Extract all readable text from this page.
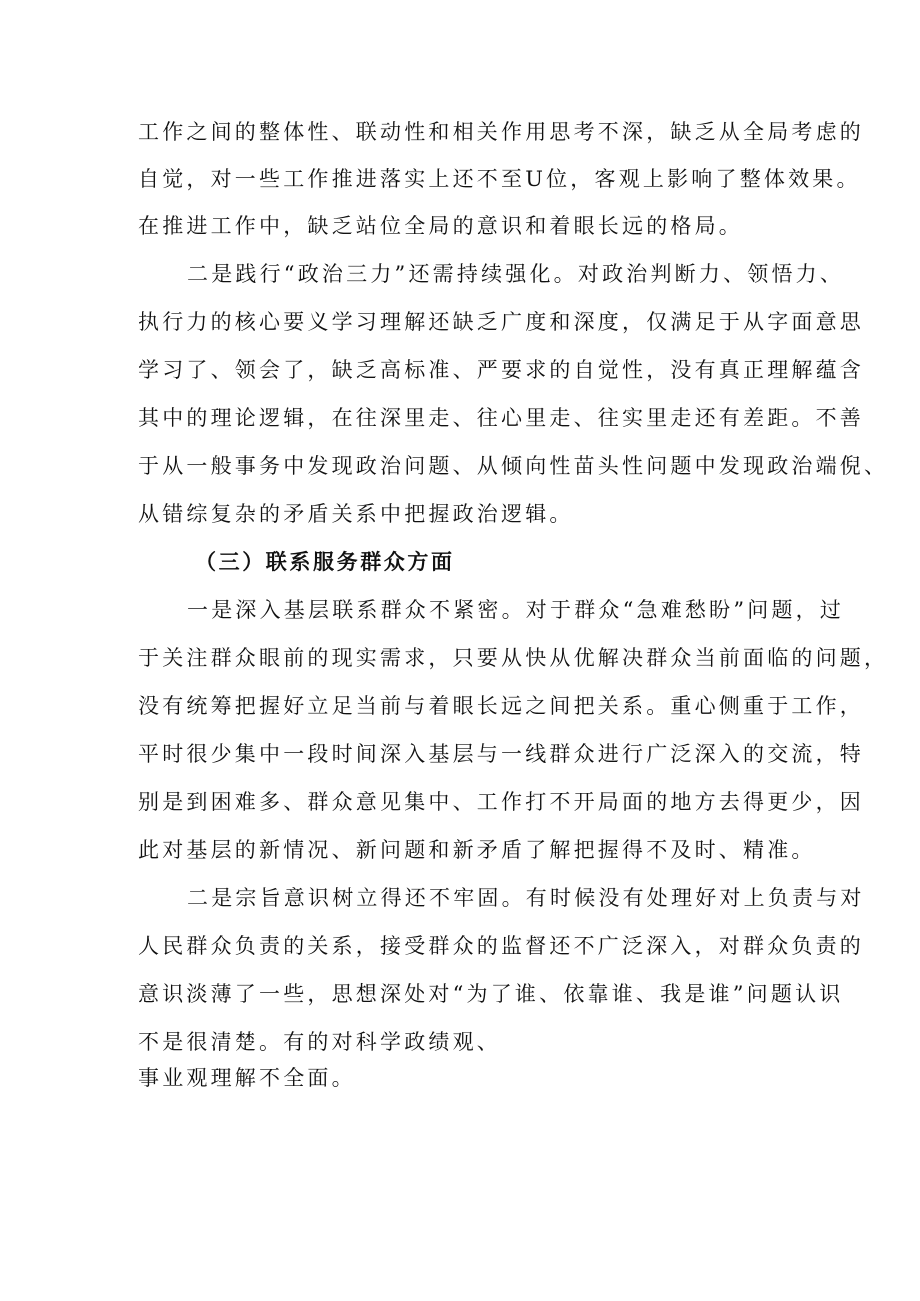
工作之间的整体性、联动性和相关作用思考不深，缺乏从全局考虑的
自觉，对一些工作推进落实上还不至U位，客观上影响了整体效果。
在推进工作中，缺乏站位全局的意识和着眼长远的格局。
二是践行“政治三力”还需持续强化。对政治判断力、领悟力、
执行力的核心要义学习理解还缺乏广度和深度，仅满足于从字面意思
学习了、领会了，缺乏高标准、严要求的自觉性，没有真正理解蕴含
其中的理论逻辑，在往深里走、往心里走、往实里走还有差距。不善
于从一般事务中发现政治问题、从倾向性苗头性问题中发现政治端倪、
从错综复杂的矛盾关系中把握政治逻辑。
（三）联系服务群众方面
一是深入基层联系群众不紧密。对于群众“急难愁盼”问题，过
于关注群众眼前的现实需求，只要从快从优解决群众当前面临的问题，
没有统筹把握好立足当前与着眼长远之间把关系。重心侧重于工作，
平时很少集中一段时间深入基层与一线群众进行广泛深入的交流，特
别是到困难多、群众意见集中、工作打不开局面的地方去得更少，因
此对基层的新情况、新问题和新矛盾了解把握得不及时、精准。
二是宗旨意识树立得还不牢固。有时候没有处理好对上负责与对
人民群众负责的关系，接受群众的监督还不广泛深入，对群众负责的
意识淡薄了一些，思想深处对“为了谁、依靠谁、我是谁”问题认识
不是很清楚。有的对科学政绩观、
事业观理解不全面。
